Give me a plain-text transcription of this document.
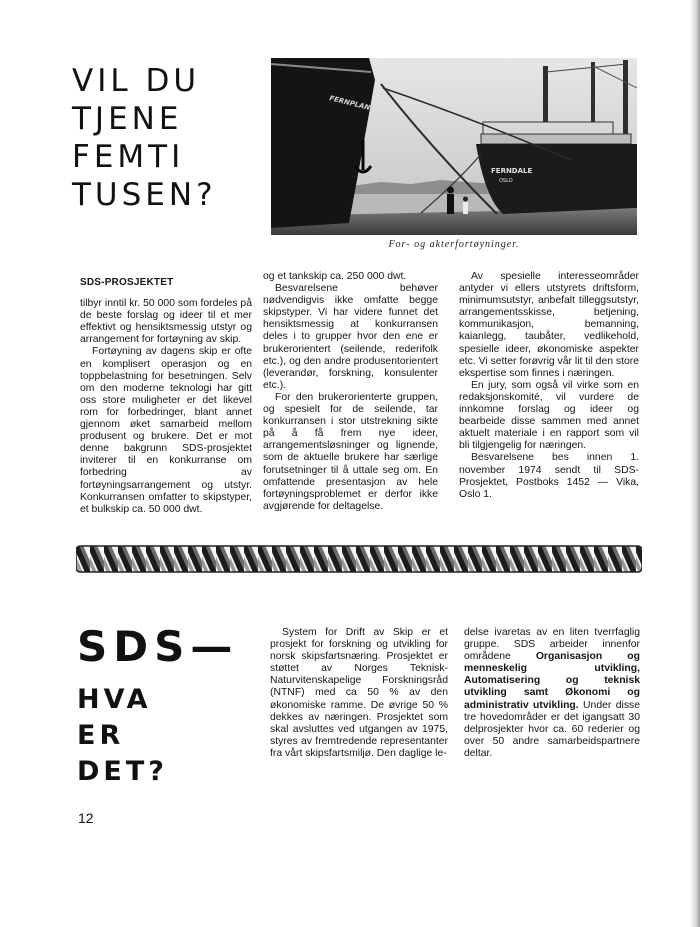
VIL DU
TJENE
FEMTI
TUSEN?
FERNDALE
OSLO
FERNPLANT
For- og akterfortøyninger.
SDS-PROSJEKTET

tilbyr inntil kr. 50 000 som fordeles på de beste forslag og ideer til et mer effektivt og hensiktsmessig utstyr og arrangement for fortøyning av skip.

Fortøyning av dagens skip er ofte en komplisert operasjon og en toppbelastning for besetningen. Selv om den moderne teknologi har gitt oss store muligheter er det likevel rom for forbedringer, blant annet gjennom øket samarbeid mellom produsent og brukere. Det er mot denne bakgrunn SDS-prosjektet inviterer til en konkurranse om forbedring av fortøyningsarrangement og utstyr. Konkurransen omfatter to skipstyper, et bulkskip ca. 50 000 dwt.

og et tankskip ca. 250 000 dwt.

Besvarelsene behøver nødvendigvis ikke omfatte begge skipstyper. Vi har videre funnet det hensiktsmessig at konkurransen deles i to grupper hvor den ene er brukerorientert (seilende, rederifolk etc.), og den andre produsentorientert (leverandør, forskning, konsulenter etc.).

For den brukerorienterte gruppen, og spesielt for de seilende, tar konkurransen i stor utstrekning sikte på å få frem nye ideer, arrangementsløsninger og lignende, som de aktuelle brukere har særlige forutsetninger til å uttale seg om. En omfattende presentasjon av hele fortøyningsproblemet er derfor ikke avgjørende for deltagelse.

Av spesielle interesseområder antyder vi ellers utstyrets driftsform, minimumsutstyr, anbefalt tilleggsutstyr, arrangementsskisse, betjening, kommunikasjon, bemanning, kaianlegg, taubåter, vedlikehold, spesielle ideer, økonomiske aspekter etc. Vi setter forøvrig vår lit til den store ekspertise som finnes i næringen.

En jury, som også vil virke som en redaksjonskomité, vil vurdere de innkomne forslag og ideer og bearbeide disse sammen med annet aktuelt materiale i en rapport som vil bli tilgjengelig for næringen.

Besvarelsene bes innen 1. november 1974 sendt til SDS-Prosjektet, Postboks 1452 — Vika, Oslo 1.

SDS—
HVA
ER
DET?

System for Drift av Skip er et prosjekt for forskning og utvikling for norsk skipsfartsnæring. Prosjektet er støttet av Norges Teknisk-Naturvitenskapelige Forskningsråd (NTNF) med ca 50 % av den økonomiske ramme. De øvrige 50 % dekkes av næringen. Prosjektet som skal avsluttes ved utgangen av 1975, styres av fremtredende representanter fra vårt skipsfartsmiljø. Den daglige le-

delse ivaretas av en liten tverrfaglig gruppe. SDS arbeider innenfor områdene Organisasjon og menneskelig utvikling, Automatisering og teknisk utvikling samt Økonomi og administrativ utvikling. Under disse tre hovedområder er det igangsatt 30 delprosjekter hvor ca. 60 rederier og over 50 andre samarbeidspartnere deltar.

12
